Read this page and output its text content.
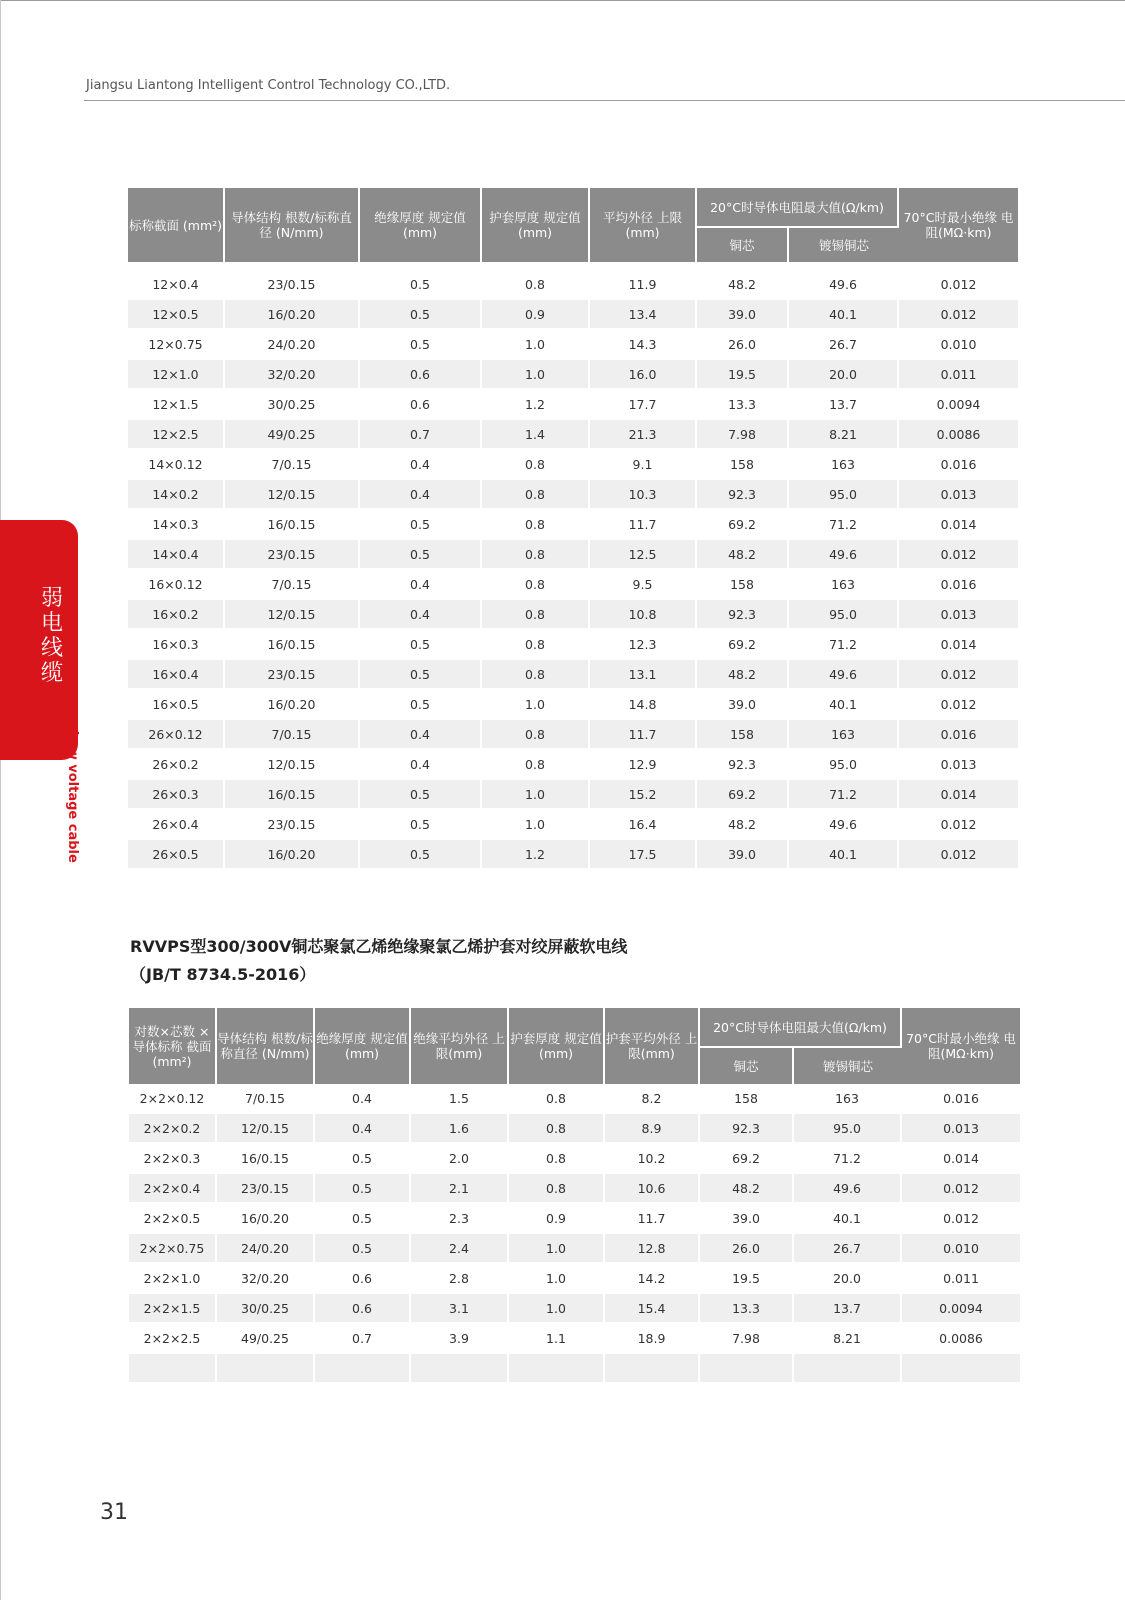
Jiangsu Liantong Intelligent Control Technology CO.,LTD.
弱电线缆
▲ Low voltage cable
标称截面 (mm²)	导体结构 根数/标称直径 (N/mm)	绝缘厚度 规定值(mm)	护套厚度 规定值(mm)	平均外径 上限(mm)	20°C时导体电阻最大值(Ω/km)		70°C时最小绝缘 电阻(MΩ·km)
					铜芯	镀锡铜芯	

12×0.4	23/0.15	0.5	0.8	11.9	48.2	49.6	0.012
12×0.5	16/0.20	0.5	0.9	13.4	39.0	40.1	0.012
12×0.75	24/0.20	0.5	1.0	14.3	26.0	26.7	0.010
12×1.0	32/0.20	0.6	1.0	16.0	19.5	20.0	0.011
12×1.5	30/0.25	0.6	1.2	17.7	13.3	13.7	0.0094
12×2.5	49/0.25	0.7	1.4	21.3	7.98	8.21	0.0086
14×0.12	7/0.15	0.4	0.8	9.1	158	163	0.016
14×0.2	12/0.15	0.4	0.8	10.3	92.3	95.0	0.013
14×0.3	16/0.15	0.5	0.8	11.7	69.2	71.2	0.014
14×0.4	23/0.15	0.5	0.8	12.5	48.2	49.6	0.012
16×0.12	7/0.15	0.4	0.8	9.5	158	163	0.016
16×0.2	12/0.15	0.4	0.8	10.8	92.3	95.0	0.013
16×0.3	16/0.15	0.5	0.8	12.3	69.2	71.2	0.014
16×0.4	23/0.15	0.5	0.8	13.1	48.2	49.6	0.012
16×0.5	16/0.20	0.5	1.0	14.8	39.0	40.1	0.012
26×0.12	7/0.15	0.4	0.8	11.7	158	163	0.016
26×0.2	12/0.15	0.4	0.8	12.9	92.3	95.0	0.013
26×0.3	16/0.15	0.5	1.0	15.2	69.2	71.2	0.014
26×0.4	23/0.15	0.5	1.0	16.4	48.2	49.6	0.012
26×0.5	16/0.20	0.5	1.2	17.5	39.0	40.1	0.012
RVVPS型300/300V铜芯聚氯乙烯绝缘聚氯乙烯护套对绞屏蔽软电线
（JB/T 8734.5-2016）
对数×芯数 ×导体标称 截面(mm²)	导体结构 根数/标称直径 (N/mm)	绝缘厚度 规定值(mm)	绝缘平均外径 上限(mm)	护套厚度 规定值(mm)	护套平均外径 上限(mm)	20°C时导体电阻最大值(Ω/km)		70°C时最小绝缘 电阻(MΩ·km)
						铜芯	镀锡铜芯	
2×2×0.12	7/0.15	0.4	1.5	0.8	8.2	158	163	0.016
2×2×0.2	12/0.15	0.4	1.6	0.8	8.9	92.3	95.0	0.013
2×2×0.3	16/0.15	0.5	2.0	0.8	10.2	69.2	71.2	0.014
2×2×0.4	23/0.15	0.5	2.1	0.8	10.6	48.2	49.6	0.012
2×2×0.5	16/0.20	0.5	2.3	0.9	11.7	39.0	40.1	0.012
2×2×0.75	24/0.20	0.5	2.4	1.0	12.8	26.0	26.7	0.010
2×2×1.0	32/0.20	0.6	2.8	1.0	14.2	19.5	20.0	0.011
2×2×1.5	30/0.25	0.6	3.1	1.0	15.4	13.3	13.7	0.0094
2×2×2.5	49/0.25	0.7	3.9	1.1	18.9	7.98	8.21	0.0086

31
